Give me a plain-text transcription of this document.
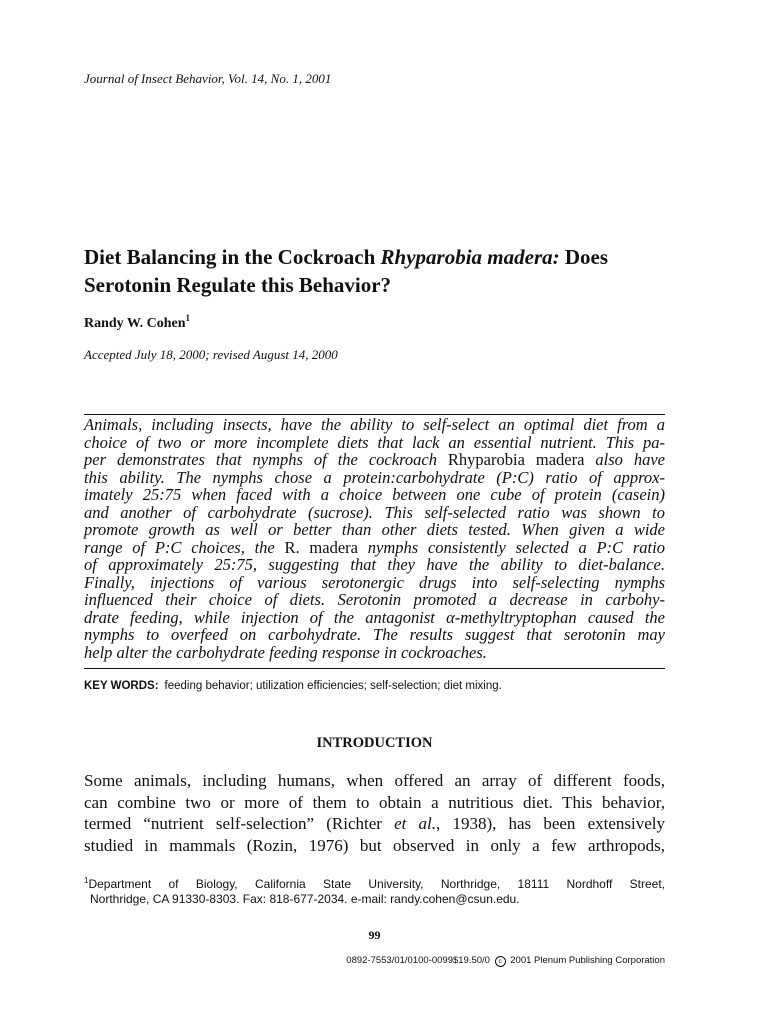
Journal of Insect Behavior, Vol. 14, No. 1, 2001
Diet Balancing in the Cockroach Rhyparobia madera: Does Serotonin Regulate this Behavior?
Randy W. Cohen$^1$
Accepted July 18, 2000; revised August 14, 2000
Animals, including insects, have the ability to self-select an optimal diet from a
choice of two or more incomplete diets that lack an essential nutrient. This pa-
per demonstrates that nymphs of the cockroach Rhyparobia madera also have
this ability. The nymphs chose a protein:carbohydrate (P:C) ratio of approx-
imately 25:75 when faced with a choice between one cube of protein (casein)
and another of carbohydrate (sucrose). This self-selected ratio was shown to
promote growth as well or better than other diets tested. When given a wide
range of P:C choices, the R. madera nymphs consistently selected a P:C ratio
of approximately 25:75, suggesting that they have the ability to diet-balance.
Finally, injections of various serotonergic drugs into self-selecting nymphs
influenced their choice of diets. Serotonin promoted a decrease in carbohy-
drate feeding, while injection of the antagonist α-methyltryptophan caused the
nymphs to overfeed on carbohydrate. The results suggest that serotonin may
help alter the carbohydrate feeding response in cockroaches.
KEY WORDS: feeding behavior; utilization efficiencies; self-selection; diet mixing.
INTRODUCTION
Some animals, including humans, when offered an array of different foods,
can combine two or more of them to obtain a nutritious diet. This behavior,
termed “nutrient self-selection” (Richter et al., 1938), has been extensively
studied in mammals (Rozin, 1976) but observed in only a few arthropods,
$^1$Department of Biology, California State University, Northridge, 18111 Nordhoff Street,
Northridge, CA 91330-8303. Fax: 818-677-2034. e-mail: randy.cohen@csun.edu.
99
0892-7553/01/0100-0099$19.50/0 c 2001 Plenum Publishing Corporation
